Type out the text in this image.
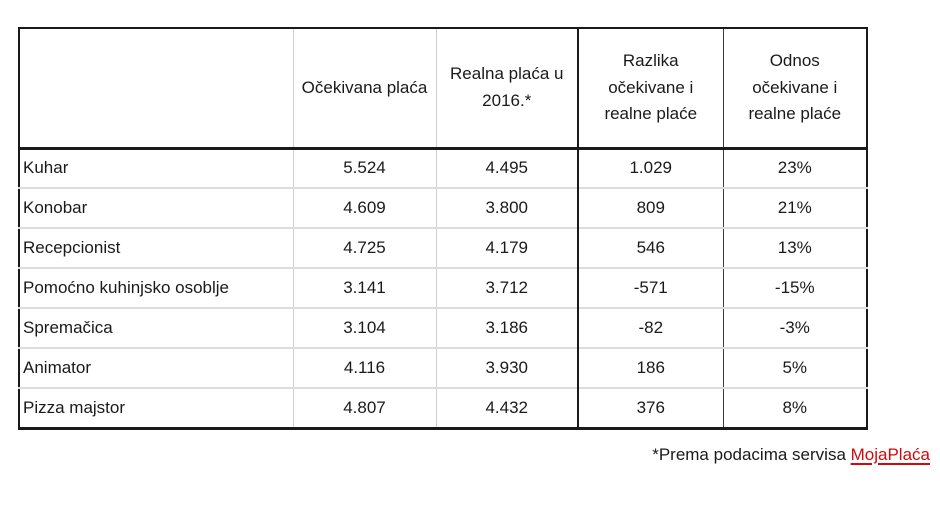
	Očekivana plaća	Realna plaća u 2016.*	Razlika očekivane i realne plaće	Odnos očekivane i realne plaće
Kuhar	5.524	4.495	1.029	23%
Konobar	4.609	3.800	809	21%
Recepcionist	4.725	4.179	546	13%
Pomoćno kuhinjsko osoblje	3.141	3.712	-571	-15%
Spremačica	3.104	3.186	-82	-3%
Animator	4.116	3.930	186	5%
Pizza majstor	4.807	4.432	376	8%
*Prema podacima servisa MojaPlaća
